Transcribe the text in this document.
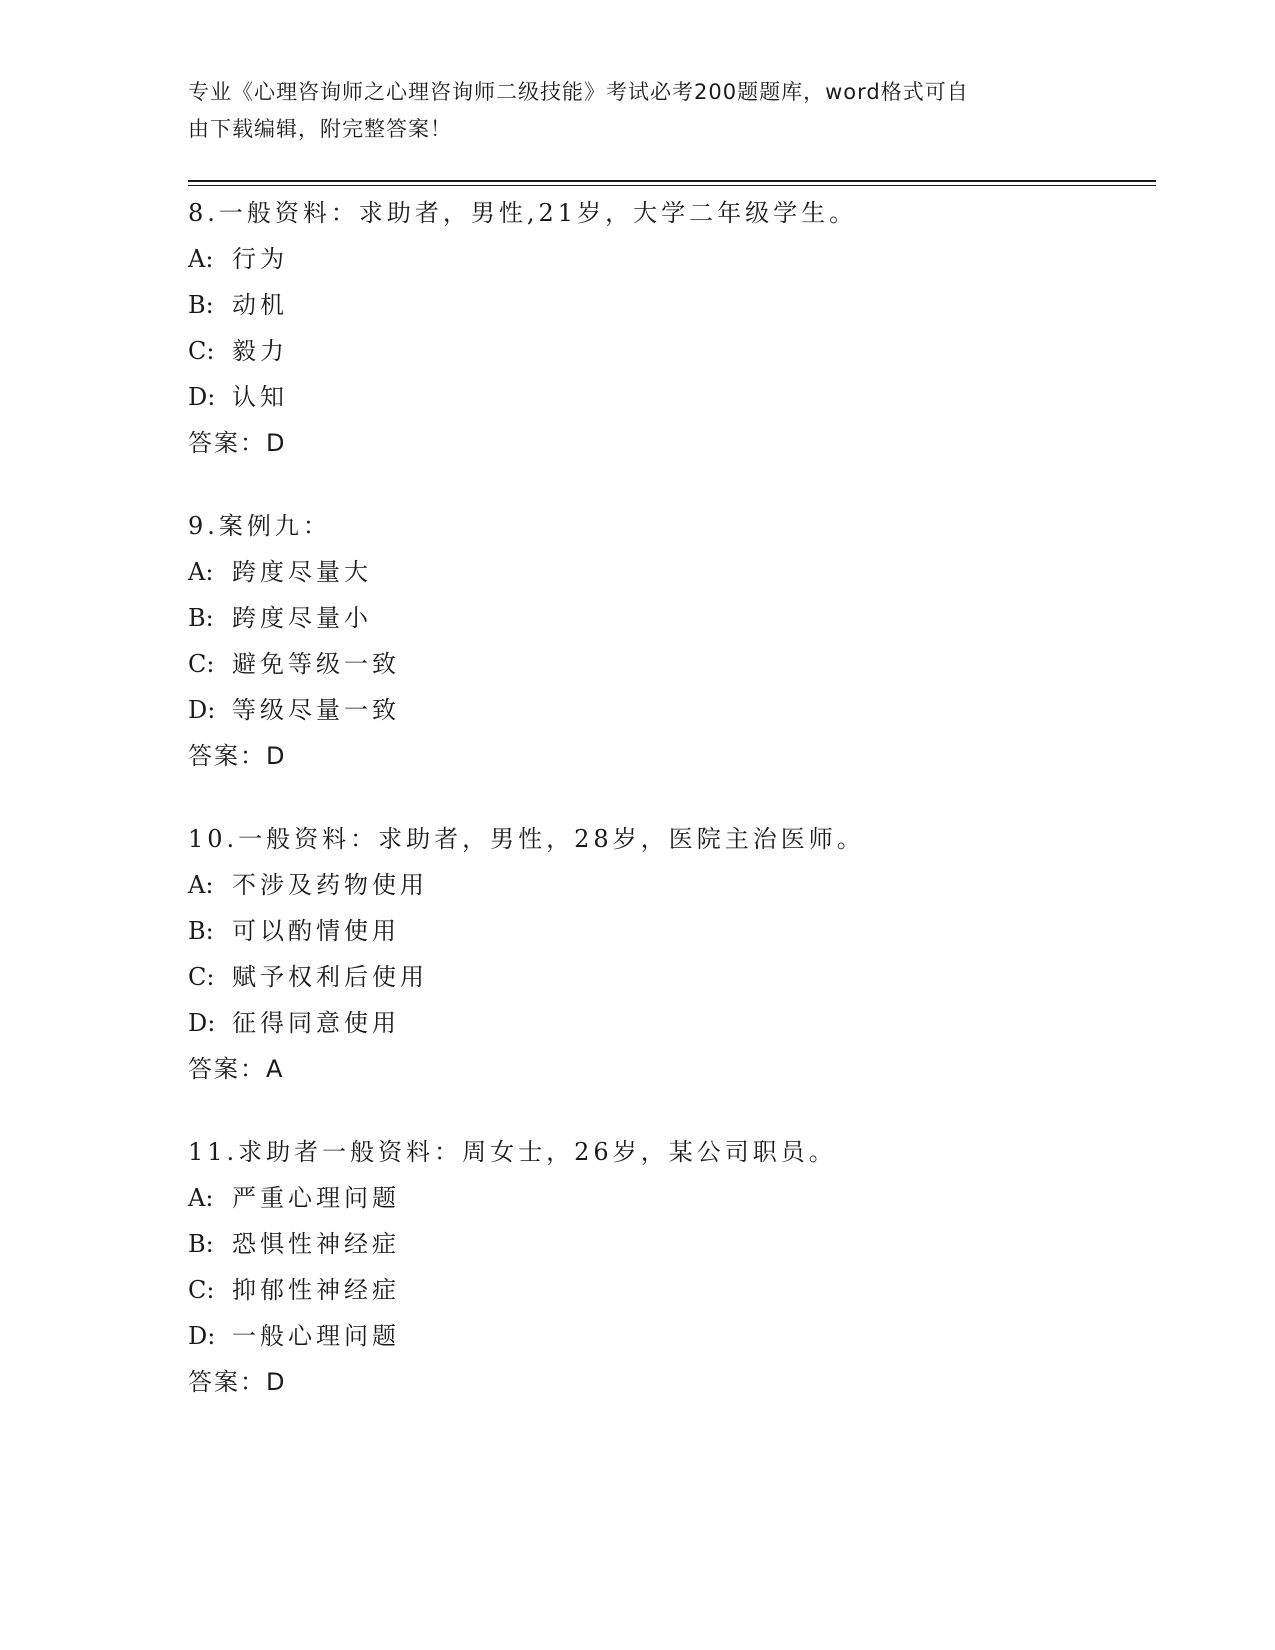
专业《心理咨询师之心理咨询师二级技能》考试必考200题题库，word格式可自
由下载编辑，附完整答案！
8.一般资料：求助者，男性,21岁，大学二年级学生。
A: 行为
B: 动机
C: 毅力
D: 认知
答案：D
9.案例九：
A: 跨度尽量大
B: 跨度尽量小
C: 避免等级一致
D: 等级尽量一致
答案：D
10.一般资料：求助者，男性，28岁，医院主治医师。
A: 不涉及药物使用
B: 可以酌情使用
C: 赋予权利后使用
D: 征得同意使用
答案：A
11.求助者一般资料：周女士，26岁，某公司职员。
A: 严重心理问题
B: 恐惧性神经症
C: 抑郁性神经症
D: 一般心理问题
答案：D
